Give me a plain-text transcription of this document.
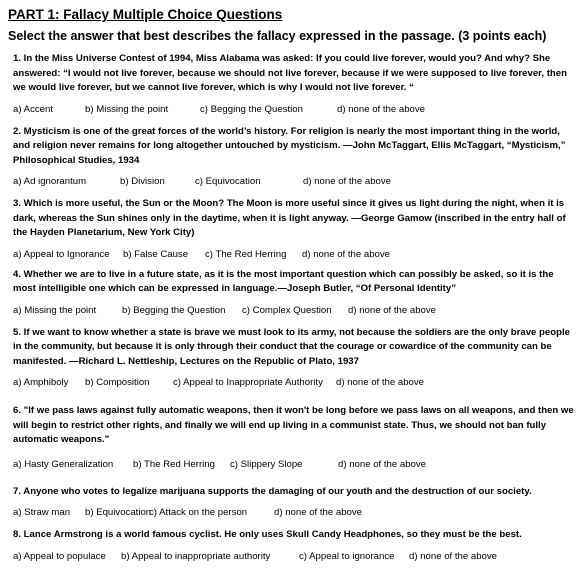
PART 1: Fallacy Multiple Choice Questions
Select the answer that best describes the fallacy expressed in the passage. (3 points each)
1. In the Miss Universe Contest of 1994, Miss Alabama was asked: If you could live forever, would you? And why? She answered: “I would not live forever, because we should not live forever, because if we were supposed to live forever, then we would live forever, but we cannot live forever, which is why I would not live forever. “
a) Accent	b) Missing the point	c) Begging the Question	d) none of the above
2. Mysticism is one of the great forces of the world’s history. For religion is nearly the most important thing in the world, and religion never remains for long altogether untouched by mysticism. —John McTaggart, Ellis McTaggart, “Mysticism,” Philosophical Studies, 1934
a) Ad ignorantum	b) Division	c) Equivocation	d) none of the above
3. Which is more useful, the Sun or the Moon? The Moon is more useful since it gives us light during the night, when it is dark, whereas the Sun shines only in the daytime, when it is light anyway. —George Gamow (inscribed in the entry hall of the Hayden Planetarium, New York City)
a) Appeal to Ignorance b) False Cause c) The Red Herring d) none of the above
4. Whether we are to live in a future state, as it is the most important question which can possibly be asked, so it is the most intelligible one which can be expressed in language.—Joseph Butler, “Of Personal Identity”
a) Missing the point	b) Begging the Question c) Complex Question d) none of the above
5. If we want to know whether a state is brave we must look to its army, not because the soldiers are the only brave people in the community, but because it is only through their conduct that the courage or cowardice of the community can be manifested. —Richard L. Nettleship, Lectures on the Republic of Plato, 1937
a) Amphiboly b) Composition c) Appeal to Inappropriate Authority d) none of the above
6. "If we pass laws against fully automatic weapons, then it won't be long before we pass laws on all weapons, and then we will begin to restrict other rights, and finally we will end up living in a communist state. Thus, we should not ban fully automatic weapons."
a) Hasty Generalization b) The Red Herring c) Slippery Slope	d) none of the above
7. Anyone who votes to legalize marijuana supports the damaging of our youth and the destruction of our society.
a) Straw man b) Equivocationc) Attack on the person	d) none of the above
8. Lance Armstrong is a world famous cyclist. He only uses Skull Candy Headphones, so they must be the best.
a) Appeal to populace b) Appeal to inappropriate authority	c) Appeal to ignorance d) none of the above
